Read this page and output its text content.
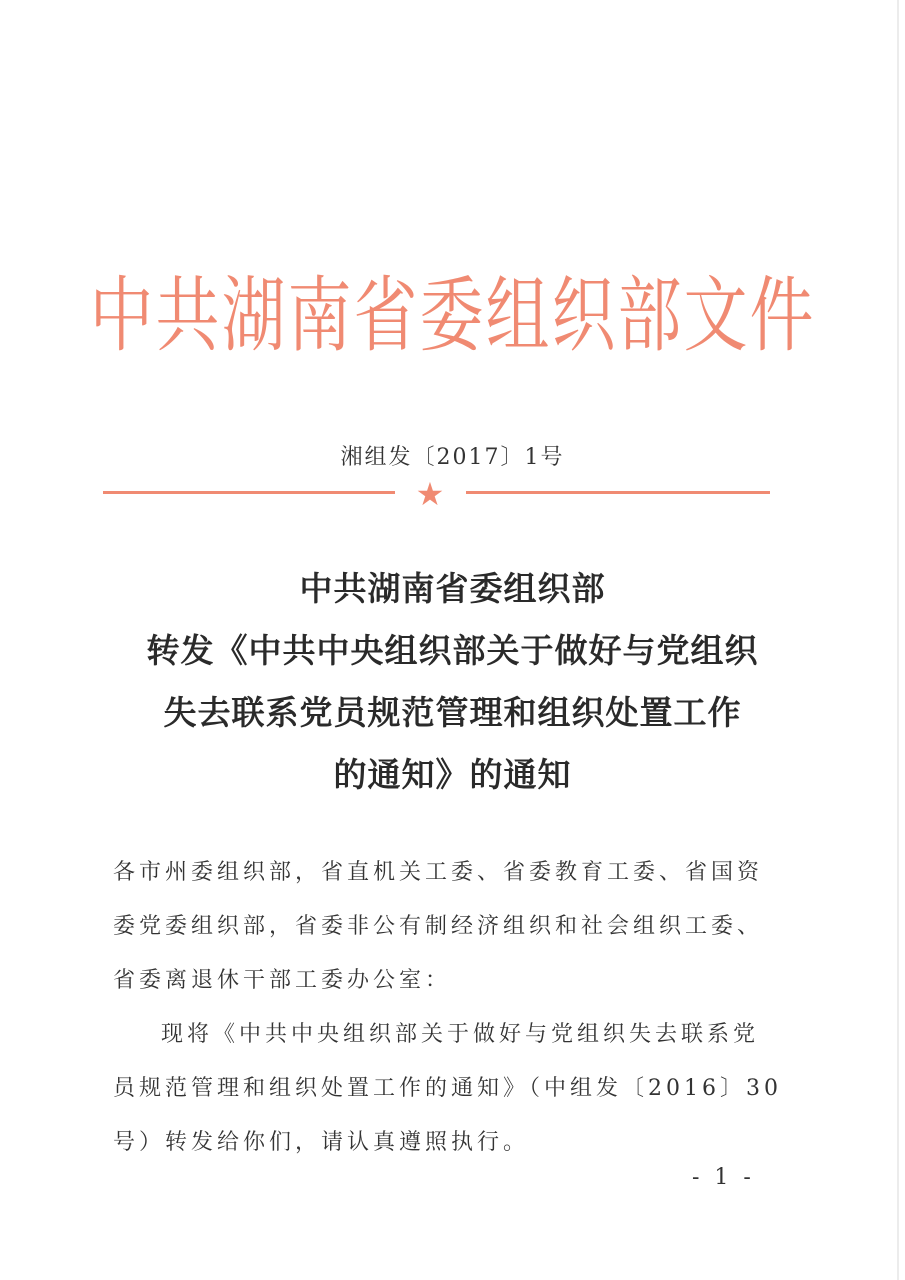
中共湖南省委组织部文件
湘组发〔2017〕1号
★
中共湖南省委组织部
转发《中共中央组织部关于做好与党组织
失去联系党员规范管理和组织处置工作
的通知》的通知
各市州委组织部，省直机关工委、省委教育工委、省国资
委党委组织部，省委非公有制经济组织和社会组织工委、
省委离退休干部工委办公室：
现将《中共中央组织部关于做好与党组织失去联系党
员规范管理和组织处置工作的通知》（中组发〔2016〕30
号）转发给你们，请认真遵照执行。
- 1 -
